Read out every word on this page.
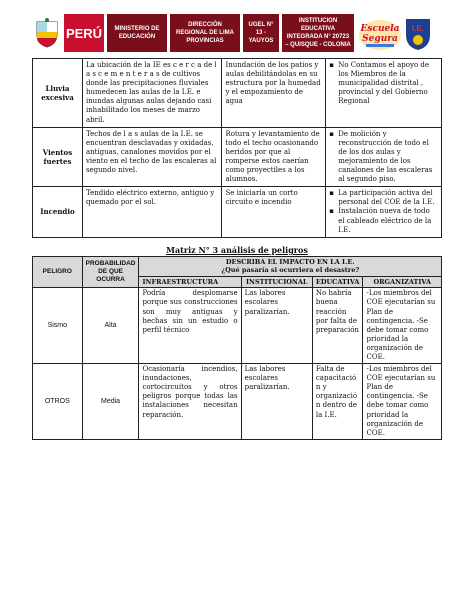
PERÚ	MINISTERIO DE EDUCACIÓN
DIRECCIÓN REGIONAL DE LIMA PROVINCIAS
UGEL N° 13 - YAUYOS
INSTITUCION EDUCATIVA INTEGRADA N° 20723 – QUISQUE - COLONIA
Escuela
Segura
I.E.
Lluvia excesiva	La ubicación de la IE es c e r c a de l a s c e m e n t e r a s de cultivos donde las precipitaciones fluviales humedecen las aulas de la I.E. e inundas algunas aulas dejando casi inhabilitado los meses de marzo abril.	Inundación de los patios y aulas debilitándolas en su estructura por la humedad y el empozamiento de agua	▪ No Contamos el apoyo de los Miembros de la municipalidad distrital , provincial y del Gobierno Regional

Vientos fuertes	Techos de l a s aulas de la I.E. se encuentran desclavadas y oxidadas, antiguas, canalones movidos por el viento en el techo de las escaleras al segundo nivel.	Rotura y levantamiento de todo el techo ocasionando heridos por que al romperse estos caerían como proyectiles a los alumnos.	▪ De molición y reconstrucción de todo el de los dos aulas y mejoramiento de los canalones de las escaleras al segundo piso.

Incendio	Tendido eléctrico externo, antiguo y quemado por el sol.	Se iniciaría un corto circuito e incendio	▪ La participación activa del personal del COE de la I.E.
▪ Instalación nueva de todo el cableado eléctrico de la I.E.
Matriz N° 3 análisis de peligros
PELIGRO	PROBABILIDAD DE QUE OCURRA	DESCRIBA EL IMPACTO EN LA I.E.
¿Qué pasaría si ocurriera el desastre?			

		INFRAESTRUCTURA	INSTITUCIONAL	EDUCATIVA	ORGANIZATIVA
Sismo	Alta	Podría desplomarse porque sus construcciones son muy antiguas y hechas sin un estudio o perfil técnico	Las labores escolares paralizarían.	No habría buena reacción por falta de preparación	-Los miembros del COE ejecutarían su Plan de contingencia. -Se debe tomar como prioridad la organización de COE.
OTROS	Media	Ocasionaría incendios, inundaciones, cortocircuitos y otros peligros porque todas las instalaciones necesitan reparación.	Las labores escolares paralizarían.	Falta de capacitació n y organizació n dentro de la I.E.	-Los miembros del COE ejecutarían su Plan de contingencia. -Se debe tomar como prioridad la organización de COE.
